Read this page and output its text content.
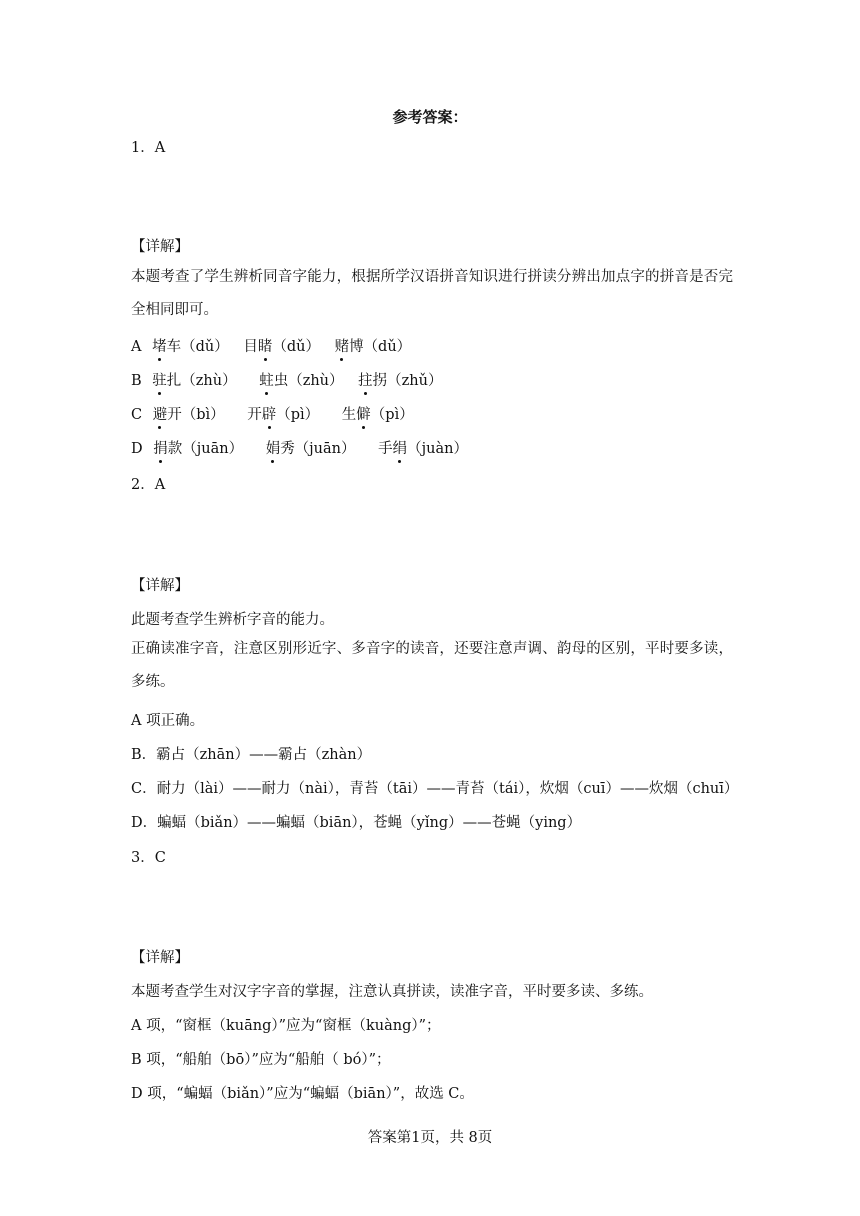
参考答案：
1．A
【详解】
本题考查了学生辨析同音字能力，根据所学汉语拼音知识进行拼读分辨出加点字的拼音是否完全相同即可。
A 堵车（dǔ） 目睹（dǔ） 赌博（dǔ）
B 驻扎（zhù） 蛀虫（zhù） 拄拐（zhǔ）
C 避开（bì） 开辟（pì） 生僻（pì）
D 捐款（juān） 娟秀（juān） 手绢（juàn）
2．A
【详解】
此题考查学生辨析字音的能力。
正确读准字音，注意区别形近字、多音字的读音，还要注意声调、韵母的区别，平时要多读，多练。
A 项正确。
B．霸占（zhān）——霸占（zhàn）
C．耐力（lài）——耐力（nài），青苔（tāi）——青苔（tái），炊烟（cuī）——炊烟（chuī）
D．蝙蝠（biǎn）——蝙蝠（biān），苍蝇（yǐng）——苍蝇（ying）
3．C
【详解】
本题考查学生对汉字字音的掌握，注意认真拼读，读准字音，平时要多读、多练。
A 项，“窗框（kuāng）”应为“窗框（kuàng）”；
B 项，“船舶（bō）”应为“船舶（ bó）”；
D 项，“蝙蝠（biǎn）”应为“蝙蝠（biān）”，故选 C。
答案第1页，共 8页
